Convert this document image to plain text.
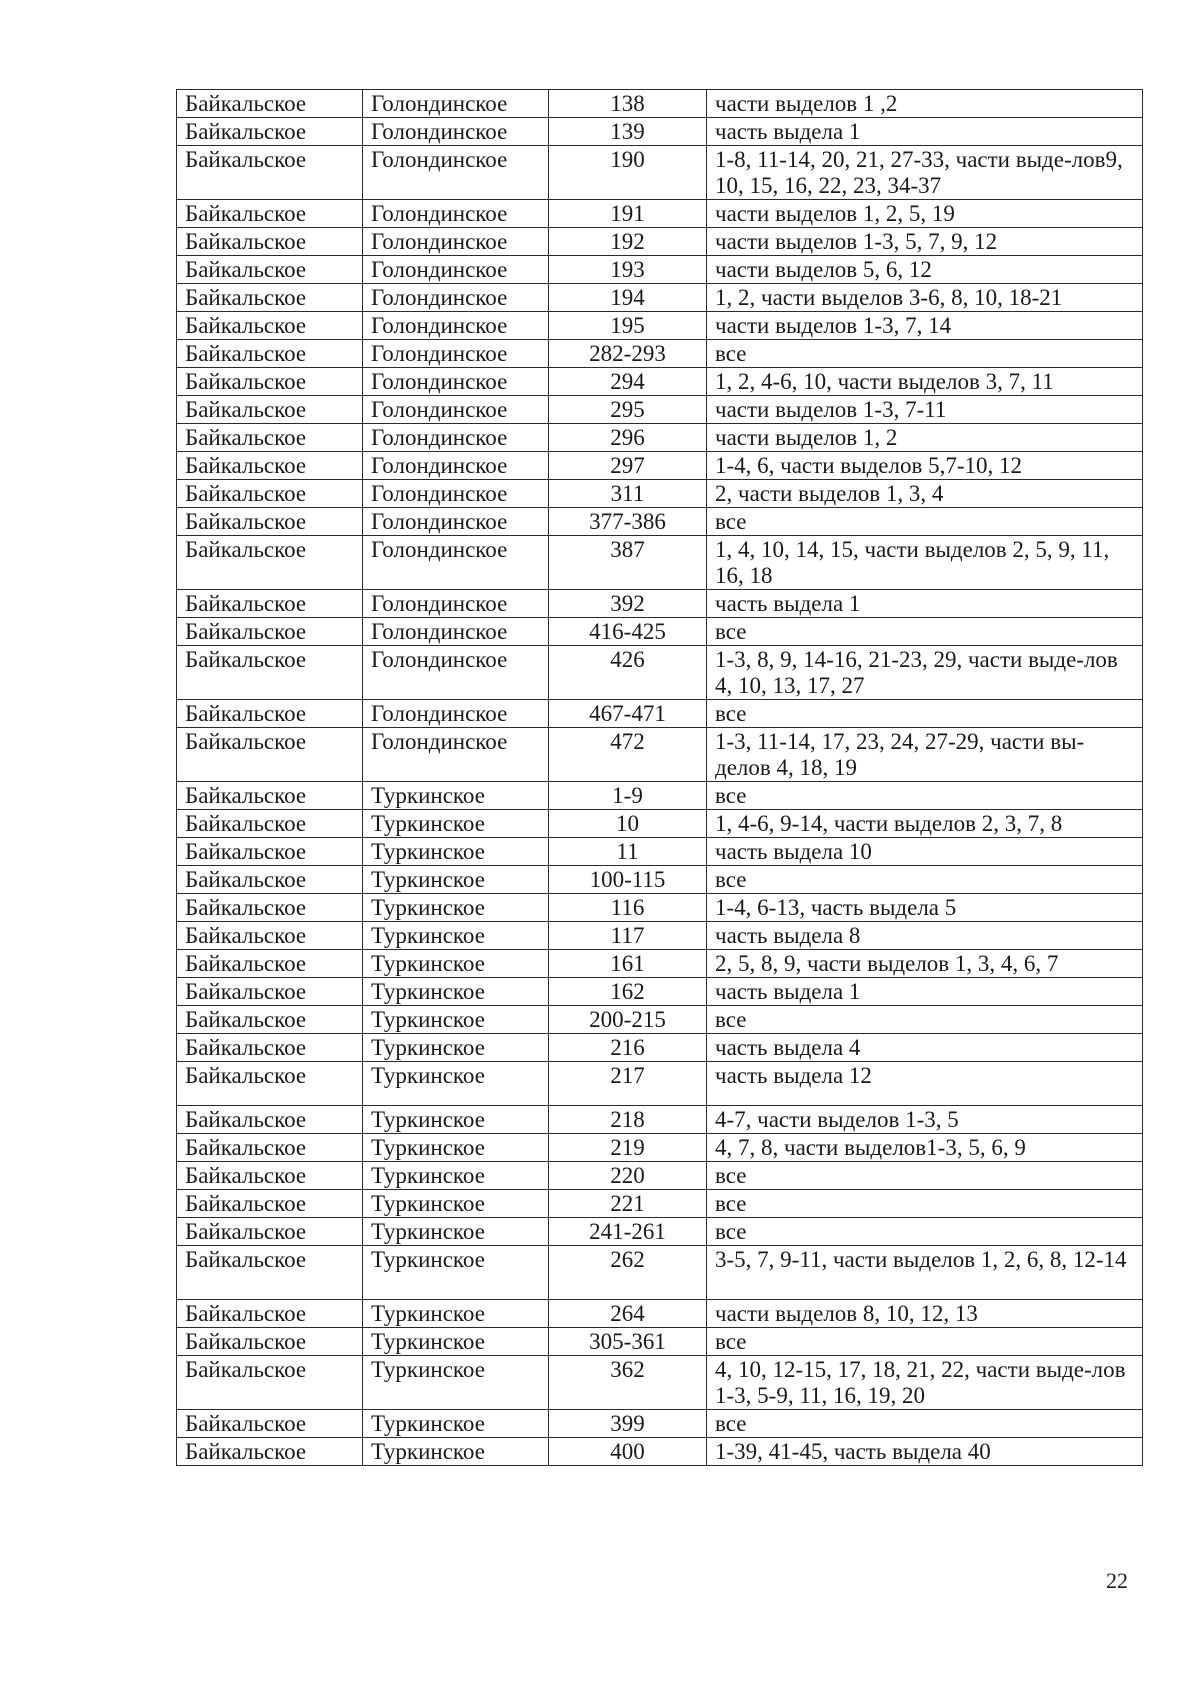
Байкальское	Голондинское	138	части выделов 1 ,2
Байкальское	Голондинское	139	часть выдела 1
Байкальское	Голондинское	190	1-8, 11-14, 20, 21, 27-33, части выде-лов9, 10, 15, 16, 22, 23, 34-37
Байкальское	Голондинское	191	части выделов 1, 2, 5, 19
Байкальское	Голондинское	192	части выделов 1-3, 5, 7, 9, 12
Байкальское	Голондинское	193	части выделов 5, 6, 12
Байкальское	Голондинское	194	1, 2, части выделов 3-6, 8, 10, 18-21
Байкальское	Голондинское	195	части выделов 1-3, 7, 14
Байкальское	Голондинское	282-293	все
Байкальское	Голондинское	294	1, 2, 4-6, 10, части выделов 3, 7, 11
Байкальское	Голондинское	295	части выделов 1-3, 7-11
Байкальское	Голондинское	296	части выделов 1, 2
Байкальское	Голондинское	297	1-4, 6, части выделов 5,7-10, 12
Байкальское	Голондинское	311	2, части выделов 1, 3, 4
Байкальское	Голондинское	377-386	все
Байкальское	Голондинское	387	1, 4, 10, 14, 15, части выделов 2, 5, 9, 11, 16, 18
Байкальское	Голондинское	392	часть выдела 1
Байкальское	Голондинское	416-425	все
Байкальское	Голондинское	426	1-3, 8, 9, 14-16, 21-23, 29, части выде-лов 4, 10, 13, 17, 27
Байкальское	Голондинское	467-471	все
Байкальское	Голондинское	472	1-3, 11-14, 17, 23, 24, 27-29, части вы-делов 4, 18, 19
Байкальское	Туркинское	1-9	все
Байкальское	Туркинское	10	1, 4-6, 9-14, части выделов 2, 3, 7, 8
Байкальское	Туркинское	11	часть выдела 10
Байкальское	Туркинское	100-115	все
Байкальское	Туркинское	116	1-4, 6-13, часть выдела 5
Байкальское	Туркинское	117	часть выдела 8
Байкальское	Туркинское	161	2, 5, 8, 9, части выделов 1, 3, 4, 6, 7
Байкальское	Туркинское	162	часть выдела 1
Байкальское	Туркинское	200-215	все
Байкальское	Туркинское	216	часть выдела 4
Байкальское	Туркинское	217	часть выдела 12
Байкальское	Туркинское	218	4-7, части выделов 1-3, 5
Байкальское	Туркинское	219	4, 7, 8, части выделов1-3, 5, 6, 9
Байкальское	Туркинское	220	все
Байкальское	Туркинское	221	все
Байкальское	Туркинское	241-261	все
Байкальское	Туркинское	262	3-5, 7, 9-11, части выделов 1, 2, 6, 8, 12-14
Байкальское	Туркинское	264	части выделов 8, 10, 12, 13
Байкальское	Туркинское	305-361	все
Байкальское	Туркинское	362	4, 10, 12-15, 17, 18, 21, 22, части выде-лов 1-3, 5-9, 11, 16, 19, 20
Байкальское	Туркинское	399	все
Байкальское	Туркинское	400	1-39, 41-45, часть выдела 40
22
